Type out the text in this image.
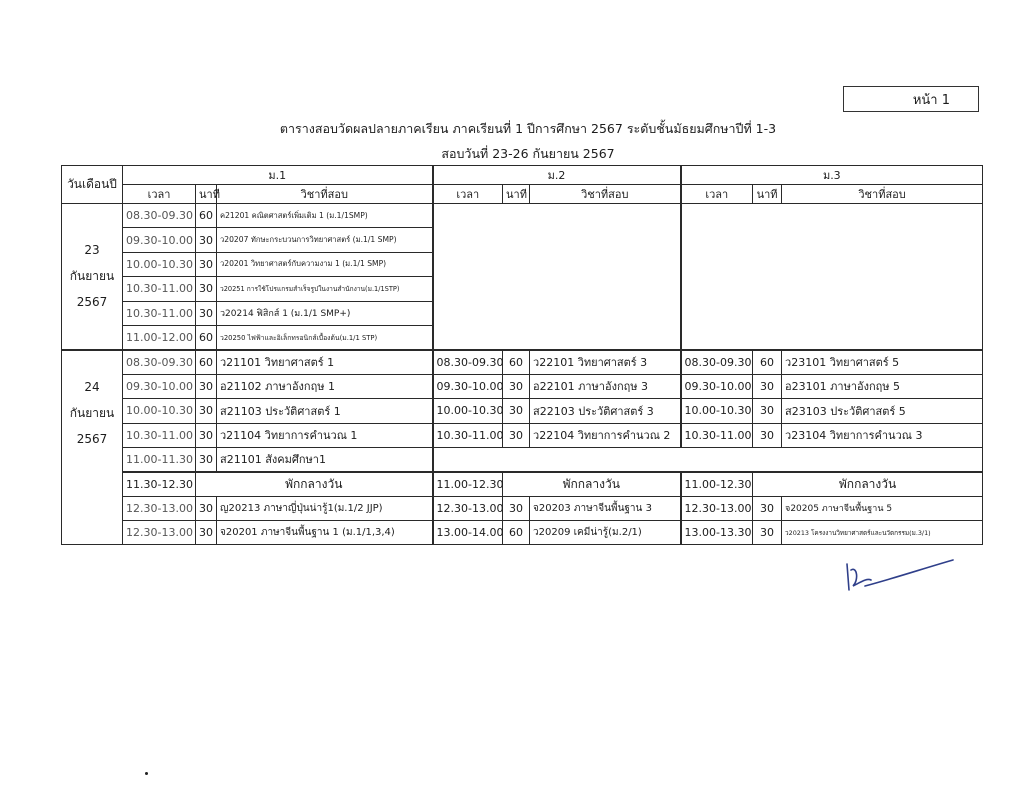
หน้า 1
ตารางสอบวัดผลปลายภาคเรียน ภาคเรียนที่ 1 ปีการศึกษา 2567 ระดับชั้นมัธยมศึกษาปีที่ 1-3
สอบวันที่ 23-26 กันยายน 2567
วันเดือนปี	ม.1			ม.2			ม.3		
	เวลา	นาที	วิชาที่สอบ	เวลา	นาที	วิชาที่สอบ	เวลา	นาที	วิชาที่สอบ

23
กันยายน
2567	08.30-09.30	60	ค21201 คณิตศาสตร์เพิ่มเติม 1 (ม.1/1SMP)						
	09.30-10.00	30	ว20207 ทักษะกระบวนการวิทยาศาสตร์ (ม.1/1 SMP)						
	10.00-10.30	30	ว20201 วิทยาศาสตร์กับความงาม 1 (ม.1/1 SMP)						
	10.30-11.00	30	ว20251 การใช้โปรแกรมสำเร็จรูปในงานสำนักงาน(ม.1/1STP)						
	10.30-11.00	30	ว20214 ฟิสิกส์ 1 (ม.1/1 SMP+)						
	11.00-12.00	60	ว20250 ไฟฟ้าและอิเล็กทรอนิกส์เบื้องต้น(ม.1/1 STP)						

24
กันยายน
2567	08.30-09.30	60	ว21101 วิทยาศาสตร์ 1	08.30-09.30	60	ว22101 วิทยาศาสตร์ 3	08.30-09.30	60	ว23101 วิทยาศาสตร์ 5
	09.30-10.00	30	อ21102 ภาษาอังกฤษ 1	09.30-10.00	30	อ22101 ภาษาอังกฤษ 3	09.30-10.00	30	อ23101 ภาษาอังกฤษ 5
	10.00-10.30	30	ส21103 ประวัติศาสตร์ 1	10.00-10.30	30	ส22103 ประวัติศาสตร์ 3	10.00-10.30	30	ส23103 ประวัติศาสตร์ 5
	10.30-11.00	30	ว21104 วิทยาการคำนวณ 1	10.30-11.00	30	ว22104 วิทยาการคำนวณ 2	10.30-11.00	30	ว23104 วิทยาการคำนวณ 3
	11.00-11.30	30	ส21101 สังคมศึกษา1						
	11.30-12.30	พักกลางวัน		11.00-12.30	พักกลางวัน		11.00-12.30	พักกลางวัน	
	12.30-13.00	30	ญ20213 ภาษาญี่ปุ่นน่ารู้1(ม.1/2 JJP)	12.30-13.00	30	จ20203 ภาษาจีนพื้นฐาน 3	12.30-13.00	30	จ20205 ภาษาจีนพื้นฐาน 5
	12.30-13.00	30	จ20201 ภาษาจีนพื้นฐาน 1 (ม.1/1,3,4)	13.00-14.00	60	ว20209 เคมีน่ารู้(ม.2/1)	13.00-13.30	30	ว20213 โครงงานวิทยาศาสตร์และนวัตกรรม(ม.3/1)
